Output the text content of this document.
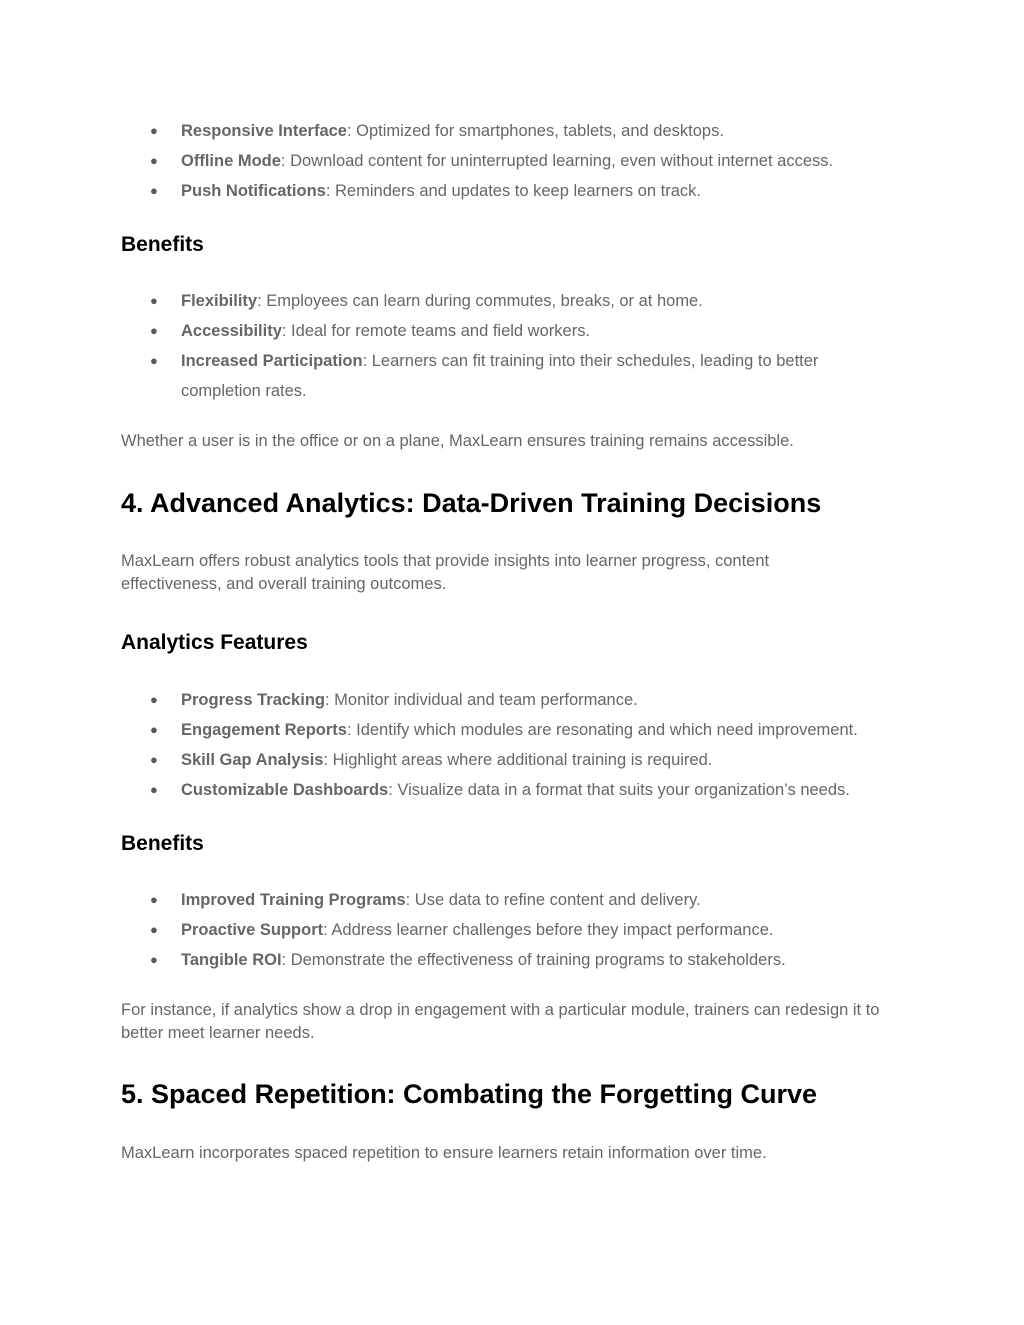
● Responsive Interface: Optimized for smartphones, tablets, and desktops.
● Offline Mode: Download content for uninterrupted learning, even without internet access.
● Push Notifications: Reminders and updates to keep learners on track.
Benefits
● Flexibility: Employees can learn during commutes, breaks, or at home.
● Accessibility: Ideal for remote teams and field workers.
● Increased Participation: Learners can fit training into their schedules, leading to better completion rates.

Whether a user is in the office or on a plane, MaxLearn ensures training remains accessible.

4. Advanced Analytics: Data-Driven Training Decisions

MaxLearn offers robust analytics tools that provide insights into learner progress, content effectiveness, and overall training outcomes.

Analytics Features
● Progress Tracking: Monitor individual and team performance.
● Engagement Reports: Identify which modules are resonating and which need improvement.
● Skill Gap Analysis: Highlight areas where additional training is required.
● Customizable Dashboards: Visualize data in a format that suits your organization’s needs.
Benefits
● Improved Training Programs: Use data to refine content and delivery.
● Proactive Support: Address learner challenges before they impact performance.
● Tangible ROI: Demonstrate the effectiveness of training programs to stakeholders.

For instance, if analytics show a drop in engagement with a particular module, trainers can redesign it to better meet learner needs.

5. Spaced Repetition: Combating the Forgetting Curve

MaxLearn incorporates spaced repetition to ensure learners retain information over time.
